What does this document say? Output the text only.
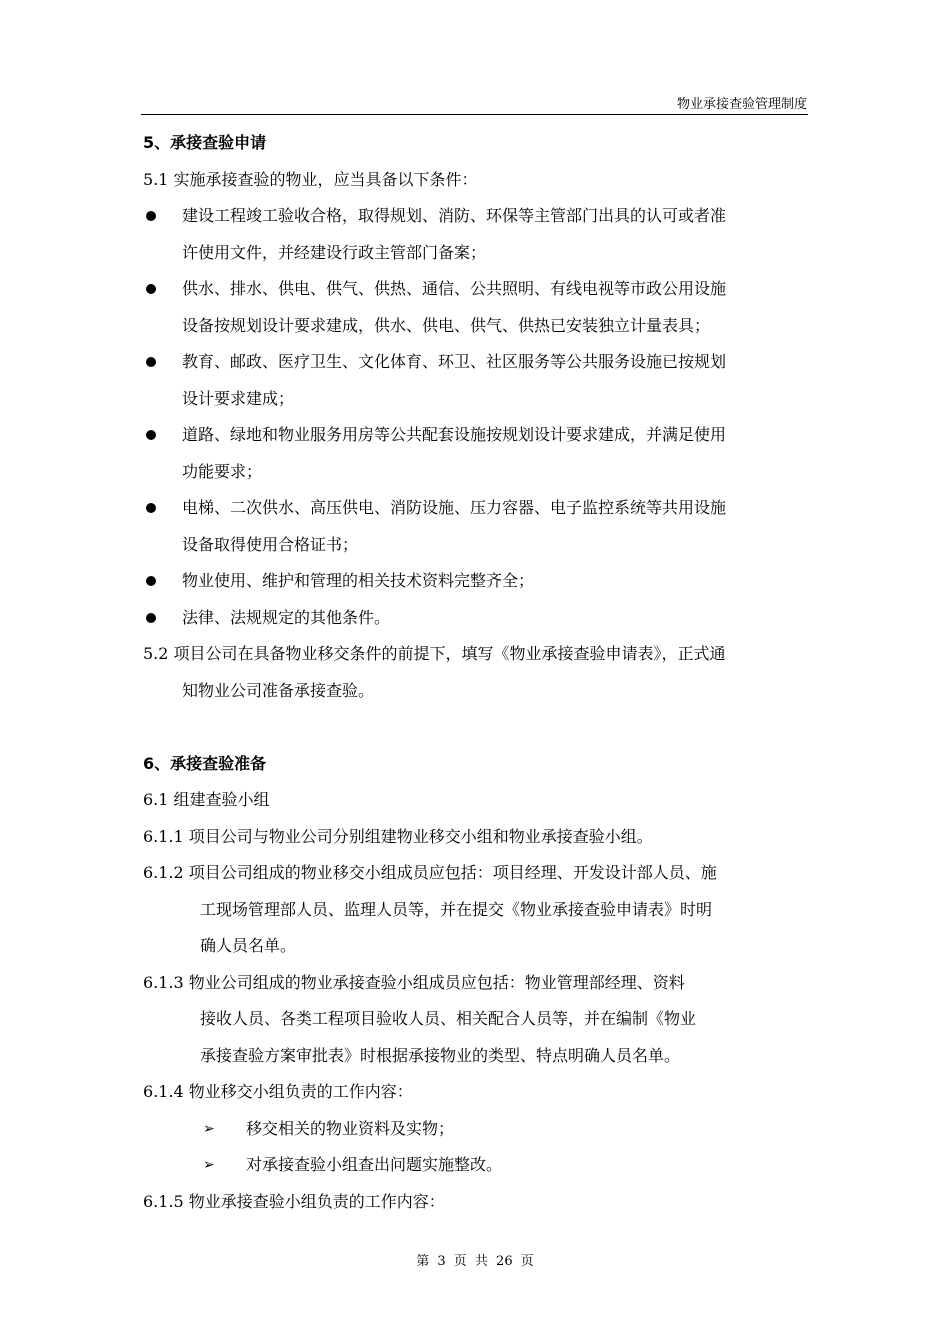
物业承接查验管理制度
5、承接查验申请
5.1 实施承接查验的物业，应当具备以下条件：
建设工程竣工验收合格，取得规划、消防、环保等主管部门出具的认可或者准
许使用文件，并经建设行政主管部门备案；
供水、排水、供电、供气、供热、通信、公共照明、有线电视等市政公用设施
设备按规划设计要求建成，供水、供电、供气、供热已安装独立计量表具；
教育、邮政、医疗卫生、文化体育、环卫、社区服务等公共服务设施已按规划
设计要求建成；
道路、绿地和物业服务用房等公共配套设施按规划设计要求建成，并满足使用
功能要求；
电梯、二次供水、高压供电、消防设施、压力容器、电子监控系统等共用设施
设备取得使用合格证书；
物业使用、维护和管理的相关技术资料完整齐全；
法律、法规规定的其他条件。
5.2 项目公司在具备物业移交条件的前提下，填写《物业承接查验申请表》，正式通
知物业公司准备承接查验。
6、承接查验准备
6.1 组建查验小组
6.1.1 项目公司与物业公司分别组建物业移交小组和物业承接查验小组。
6.1.2 项目公司组成的物业移交小组成员应包括：项目经理、开发设计部人员、施
工现场管理部人员、监理人员等，并在提交《物业承接查验申请表》时明
确人员名单。
6.1.3 物业公司组成的物业承接查验小组成员应包括：物业管理部经理、资料
接收人员、各类工程项目验收人员、相关配合人员等，并在编制《物业
承接查验方案审批表》时根据承接物业的类型、特点明确人员名单。
6.1.4 物业移交小组负责的工作内容：
➢ 移交相关的物业资料及实物；
➢ 对承接查验小组查出问题实施整改。
6.1.5 物业承接查验小组负责的工作内容：
第 3 页 共 26 页
